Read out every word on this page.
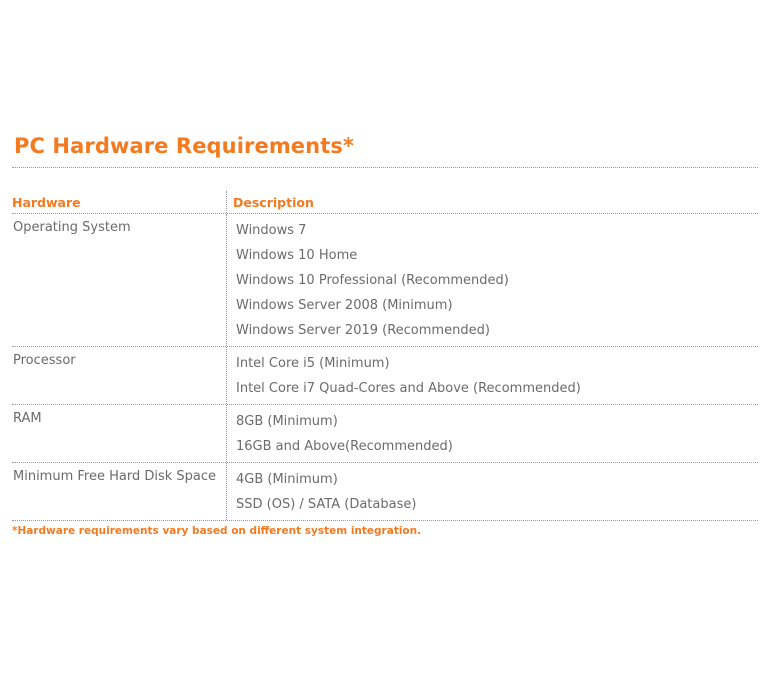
PC Hardware Requirements*
Hardware	Description
Operating System	Windows 7
Windows 10 Home
Windows 10 Professional (Recommended)
Windows Server 2008 (Minimum)
Windows Server 2019 (Recommended)
Processor	Intel Core i5 (Minimum)
Intel Core i7 Quad-Cores and Above (Recommended)
RAM	8GB (Minimum)
16GB and Above(Recommended)
Minimum Free Hard Disk Space	4GB (Minimum)
SSD (OS) / SATA (Database)
*Hardware requirements vary based on different system integration.
